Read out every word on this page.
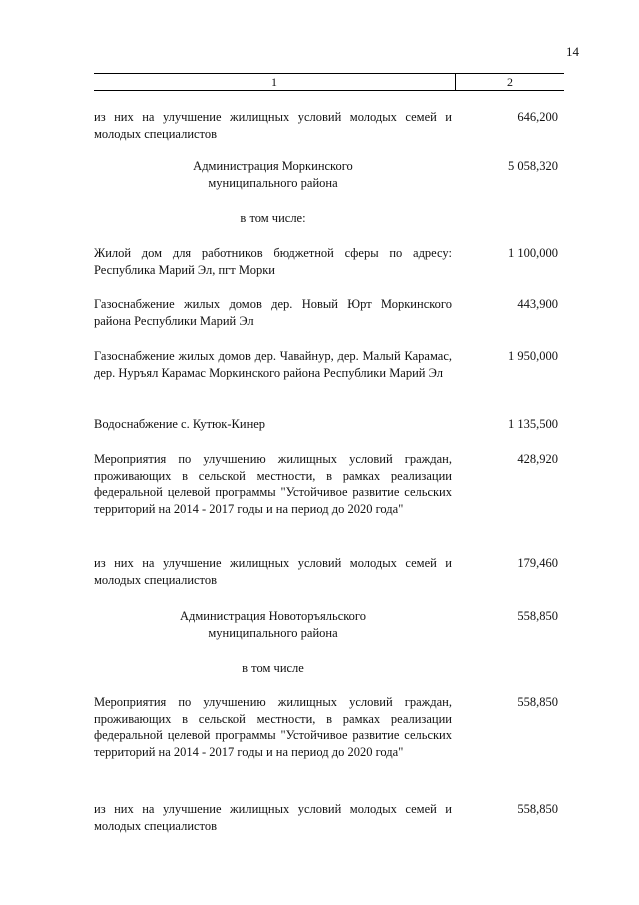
14
1	2
из них на улучшение жилищных условий молодых семей и молодых специалистов
646,200
Администрация Моркинского муниципального района
5 058,320
в том числе:
Жилой дом для работников бюджетной сферы по адресу: Республика Марий Эл, пгт Морки
1 100,000
Газоснабжение жилых домов дер. Новый Юрт Моркинского района Республики Марий Эл
443,900
Газоснабжение жилых домов дер. Чавайнур, дер. Малый Карамас, дер. Нуръял Карамас Моркинского района Республики Марий Эл
1 950,000
Водоснабжение с. Кутюк-Кинер	1 135,500
Мероприятия по улучшению жилищных условий граждан, проживающих в сельской местности, в рамках реализации федеральной целевой программы "Устойчивое развитие сельских территорий на 2014 - 2017 годы и на период до 2020 года"
428,920
из них на улучшение жилищных условий молодых семей и молодых специалистов
179,460
Администрация Новоторъяльского муниципального района
558,850
в том числе
Мероприятия по улучшению жилищных условий граждан, проживающих в сельской местности, в рамках реализации федеральной целевой программы "Устойчивое развитие сельских территорий на 2014 - 2017 годы и на период до 2020 года"
558,850
из них на улучшение жилищных условий молодых семей и молодых специалистов
558,850
